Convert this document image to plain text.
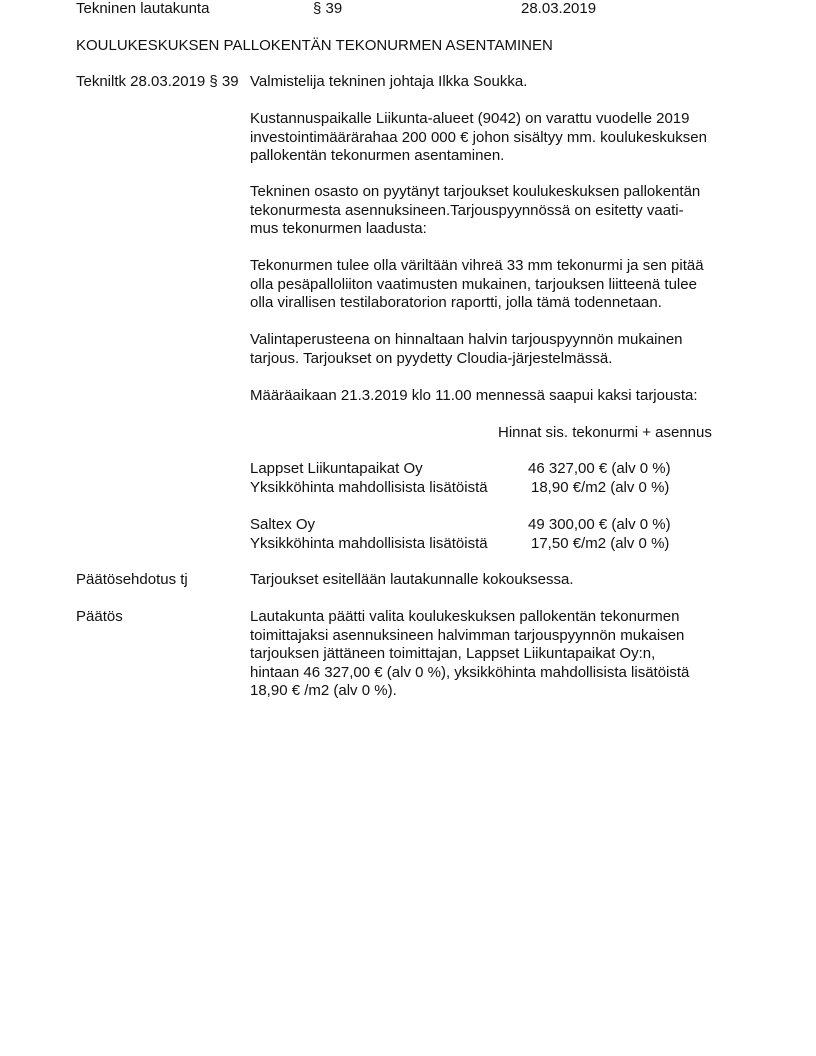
Tekninen lautakunta	§ 39	28.03.2019
KOULUKESKUKSEN PALLOKENTÄN TEKONURMEN ASENTAMINEN
Tekniltk 28.03.2019 § 39 Valmistelija tekninen johtaja Ilkka Soukka.
Kustannuspaikalle Liikunta-alueet (9042) on varattu vuodelle 2019
investointimäärärahaa 200 000 € johon sisältyy mm. koulukeskuksen
pallokentän tekonurmen asentaminen.
Tekninen osasto on pyytänyt tarjoukset koulukeskuksen pallokentän
tekonurmesta asennuksineen.Tarjouspyynnössä on esitetty vaati-
mus tekonurmen laadusta:
Tekonurmen tulee olla väriltään vihreä 33 mm tekonurmi ja sen pitää
olla pesäpalloliiton vaatimusten mukainen, tarjouksen liitteenä tulee
olla virallisen testilaboratorion raportti, jolla tämä todennetaan.
Valintaperusteena on hinnaltaan halvin tarjouspyynnön mukainen
tarjous. Tarjoukset on pyydetty Cloudia-järjestelmässä.
Määräaikaan 21.3.2019 klo 11.00 mennessä saapui kaksi tarjousta:
Hinnat sis. tekonurmi + asennus
Lappset Liikuntapaikat Oy	46 327,00 € (alv 0 %)
Yksikköhinta mahdollisista lisätöistä	18,90 €/m2 (alv 0 %)
Saltex Oy	49 300,00 € (alv 0 %)
Yksikköhinta mahdollisista lisätöistä	17,50 €/m2 (alv 0 %)
Päätösehdotus tj	Tarjoukset esitellään lautakunnalle kokouksessa.
Päätös	Lautakunta päätti valita koulukeskuksen pallokentän tekonurmen
toimittajaksi asennuksineen halvimman tarjouspyynnön mukaisen
tarjouksen jättäneen toimittajan, Lappset Liikuntapaikat Oy:n,
hintaan 46 327,00 € (alv 0 %), yksikköhinta mahdollisista lisätöistä
18,90 € /m2 (alv 0 %).
